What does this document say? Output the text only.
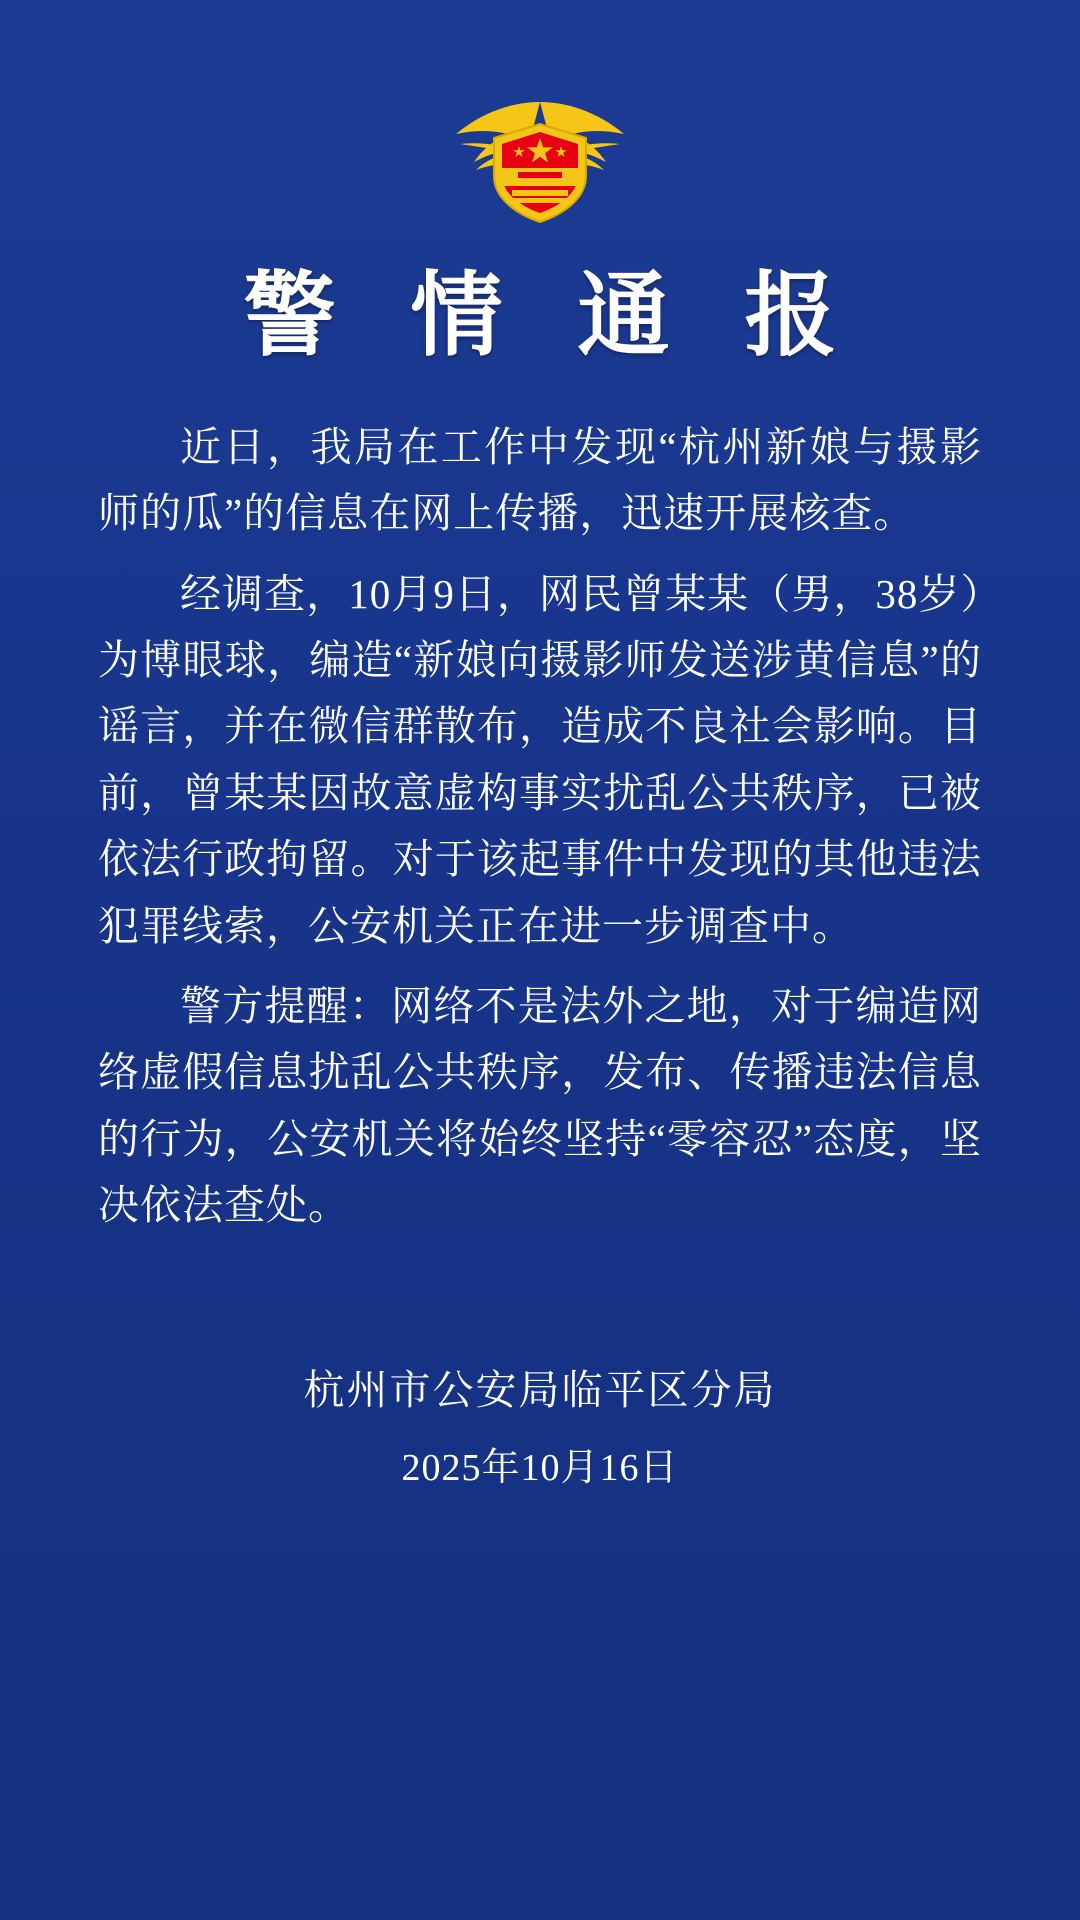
警 情 通 报

近日，我局在工作中发现“杭州新娘与摄影师的瓜”的信息在网上传播，迅速开展核查。

经调查，10月9日，网民曾某某（男，38岁）为博眼球，编造“新娘向摄影师发送涉黄信息”的谣言，并在微信群散布，造成不良社会影响。目前，曾某某因故意虚构事实扰乱公共秩序，已被依法行政拘留。对于该起事件中发现的其他违法犯罪线索，公安机关正在进一步调查中。

警方提醒：网络不是法外之地，对于编造网络虚假信息扰乱公共秩序，发布、传播违法信息的行为，公安机关将始终坚持“零容忍”态度，坚决依法查处。

杭州市公安局临平区分局
2025年10月16日
